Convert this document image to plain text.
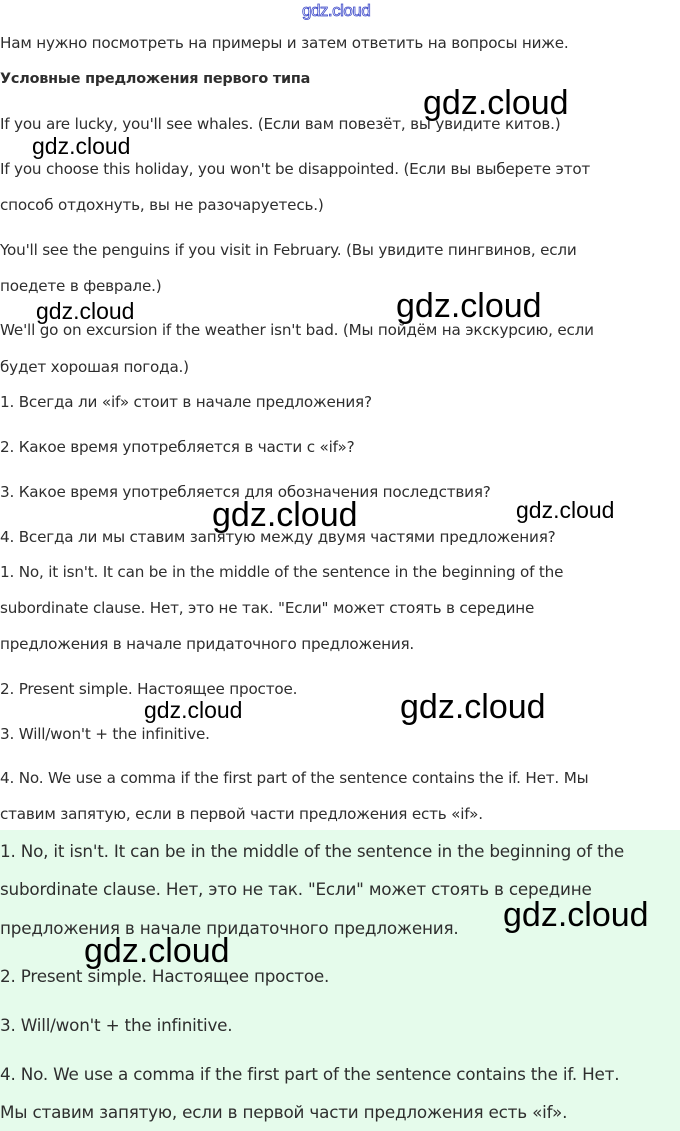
gdz.cloud
Нам нужно посмотреть на примеры и затем ответить на вопросы ниже.
Условные предложения первого типа
If you are lucky, you'll see whales. (Если вам повезёт, вы увидите китов.)
If you choose this holiday, you won't be disappointed. (Если вы выберете этот
способ отдохнуть, вы не разочаруетесь.)
You'll see the penguins if you visit in February. (Вы увидите пингвинов, если
поедете в феврале.)
We'll go on excursion if the weather isn't bad. (Мы пойдём на экскурсию, если
будет хорошая погода.)
1. Всегда ли «if» стоит в начале предложения?
2. Какое время употребляется в части с «if»?
3. Какое время употребляется для обозначения последствия?
4. Всегда ли мы ставим запятую между двумя частями предложения?
1. No, it isn't. It can be in the middle of the sentence in the beginning of the
subordinate clause. Нет, это не так. "Если" может стоять в середине
предложения в начале придаточного предложения.
2. Present simple. Настоящее простое.
3. Will/won't + the infinitive.
4. No. We use a comma if the first part of the sentence contains the if. Нет. Мы
ставим запятую, если в первой части предложения есть «if».
1. No, it isn't. It can be in the middle of the sentence in the beginning of the
subordinate clause. Нет, это не так. "Если" может стоять в середине
предложения в начале придаточного предложения.
2. Present simple. Настоящее простое.
3. Will/won't + the infinitive.
4. No. We use a comma if the first part of the sentence contains the if. Нет.
Мы ставим запятую, если в первой части предложения есть «if».
gdz.cloud
gdz.cloud
gdz.cloud	gdz.cloud
gdz.cloud	gdz.cloud
gdz.cloud	gdz.cloud
gdz.cloud
gdz.cloud
